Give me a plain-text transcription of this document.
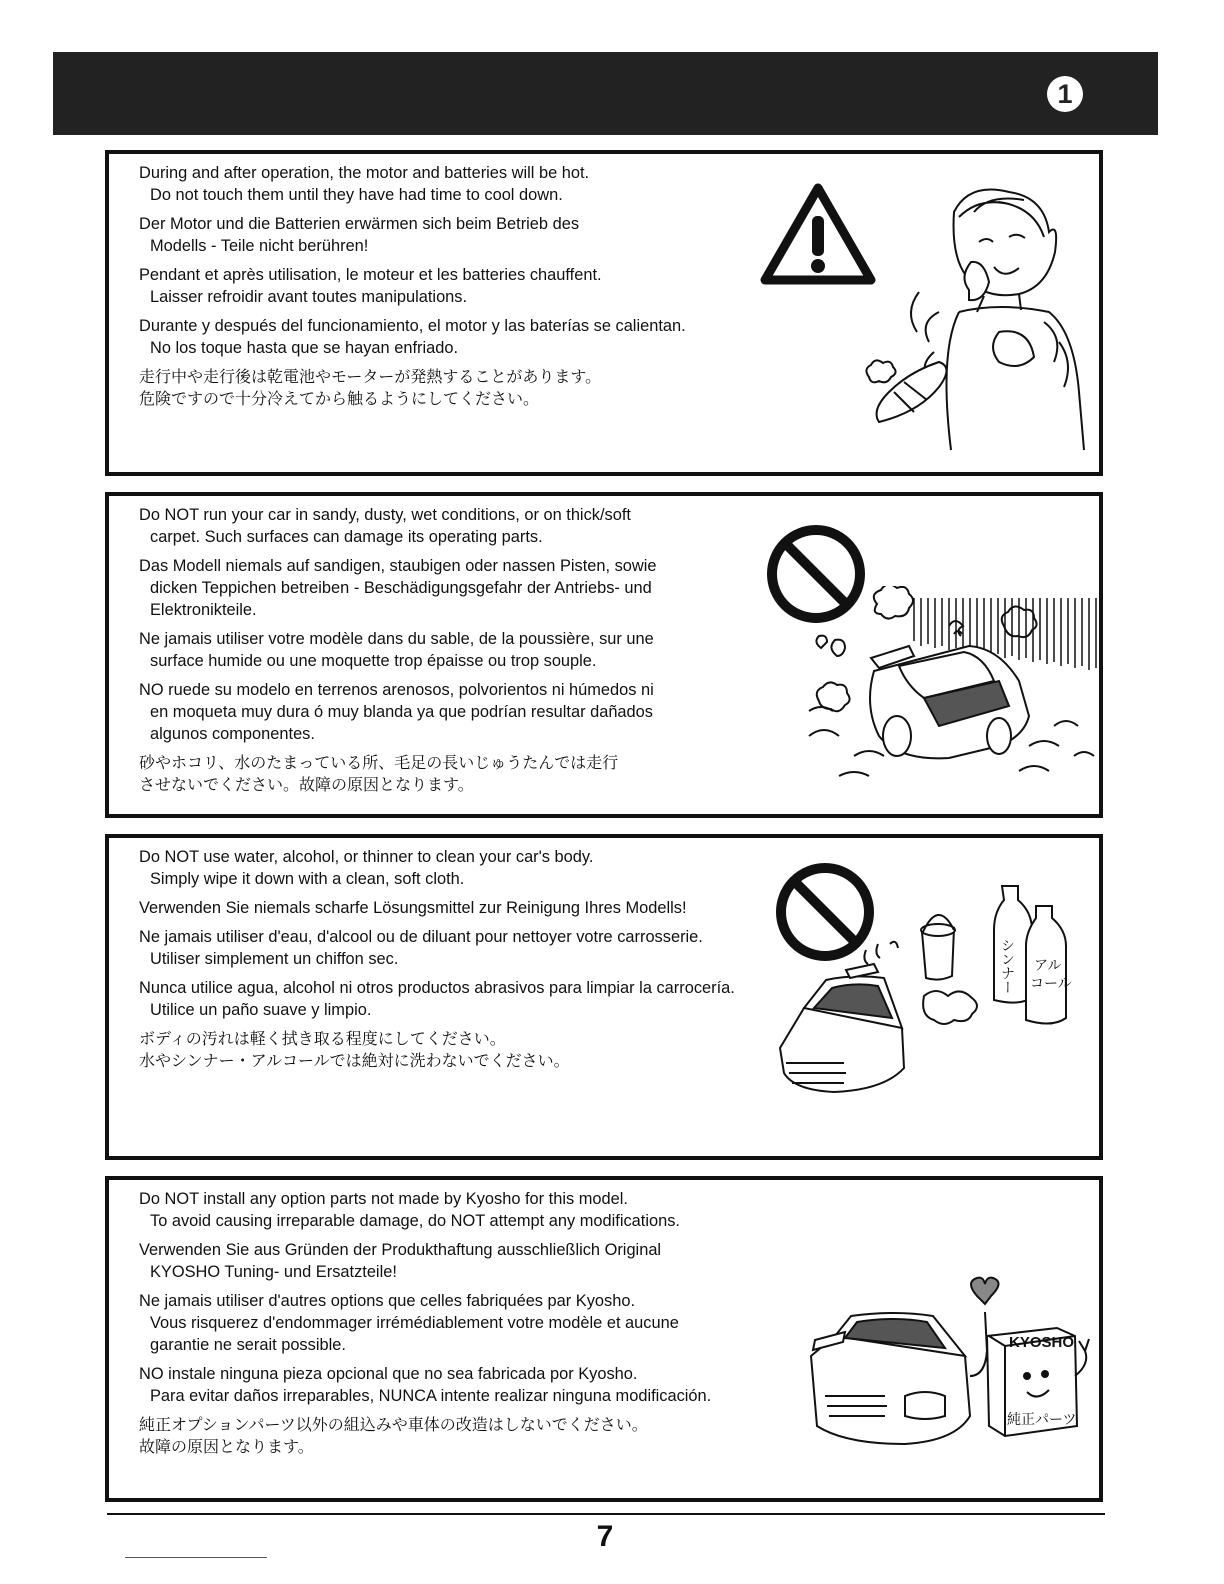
1

During and after operation, the motor and batteries will be hot.
Do not touch them until they have had time to cool down.

Der Motor und die Batterien erwärmen sich beim Betrieb des
Modells - Teile nicht berühren!

Pendant et après utilisation, le moteur et les batteries chauffent.
Laisser refroidir avant toutes manipulations.

Durante y después del funcionamiento, el motor y las baterías se calientan.
No los toque hasta que se hayan enfriado.

走行中や走行後は乾電池やモーターが発熱することがあります。
危険ですので十分冷えてから触るようにしてください。

Do NOT run your car in sandy, dusty, wet conditions, or on thick/soft
carpet. Such surfaces can damage its operating parts.

Das Modell niemals auf sandigen, staubigen oder nassen Pisten, sowie
dicken Teppichen betreiben - Beschädigungsgefahr der Antriebs- und
Elektronikteile.

Ne jamais utiliser votre modèle dans du sable, de la poussière, sur une
surface humide ou une moquette trop épaisse ou trop souple.

NO ruede su modelo en terrenos arenosos, polvorientos ni húmedos ni
en moqueta muy dura ó muy blanda ya que podrían resultar dañados
algunos componentes.

砂やホコリ、水のたまっている所、毛足の長いじゅうたんでは走行
させないでください。故障の原因となります。

Do NOT use water, alcohol, or thinner to clean your car's body.
Simply wipe it down with a clean, soft cloth.

Verwenden Sie niemals scharfe Lösungsmittel zur Reinigung Ihres Modells!

Ne jamais utiliser d'eau, d'alcool ou de diluant pour nettoyer votre carrosserie.
Utiliser simplement un chiffon sec.

Nunca utilice agua, alcohol ni otros productos abrasivos para limpiar la carrocería.
Utilice un paño suave y limpio.

ボディの汚れは軽く拭き取る程度にしてください。
水やシンナー・アルコールでは絶対に洗わないでください。

シンナー アル
コール

Do NOT install any option parts not made by Kyosho for this model.
To avoid causing irreparable damage, do NOT attempt any modifications.

Verwenden Sie aus Gründen der Produkthaftung ausschließlich Original
KYOSHO Tuning- und Ersatzteile!

Ne jamais utiliser d'autres options que celles fabriquées par Kyosho.
Vous risquerez d'endommager irrémédiablement votre modèle et aucune
garantie ne serait possible.

NO instale ninguna pieza opcional que no sea fabricada por Kyosho.
Para evitar daños irreparables, NUNCA intente realizar ninguna modificación.

純正オプションパーツ以外の組込みや車体の改造はしないでください。
故障の原因となります。

KYOSHO
純正パーツ
7
